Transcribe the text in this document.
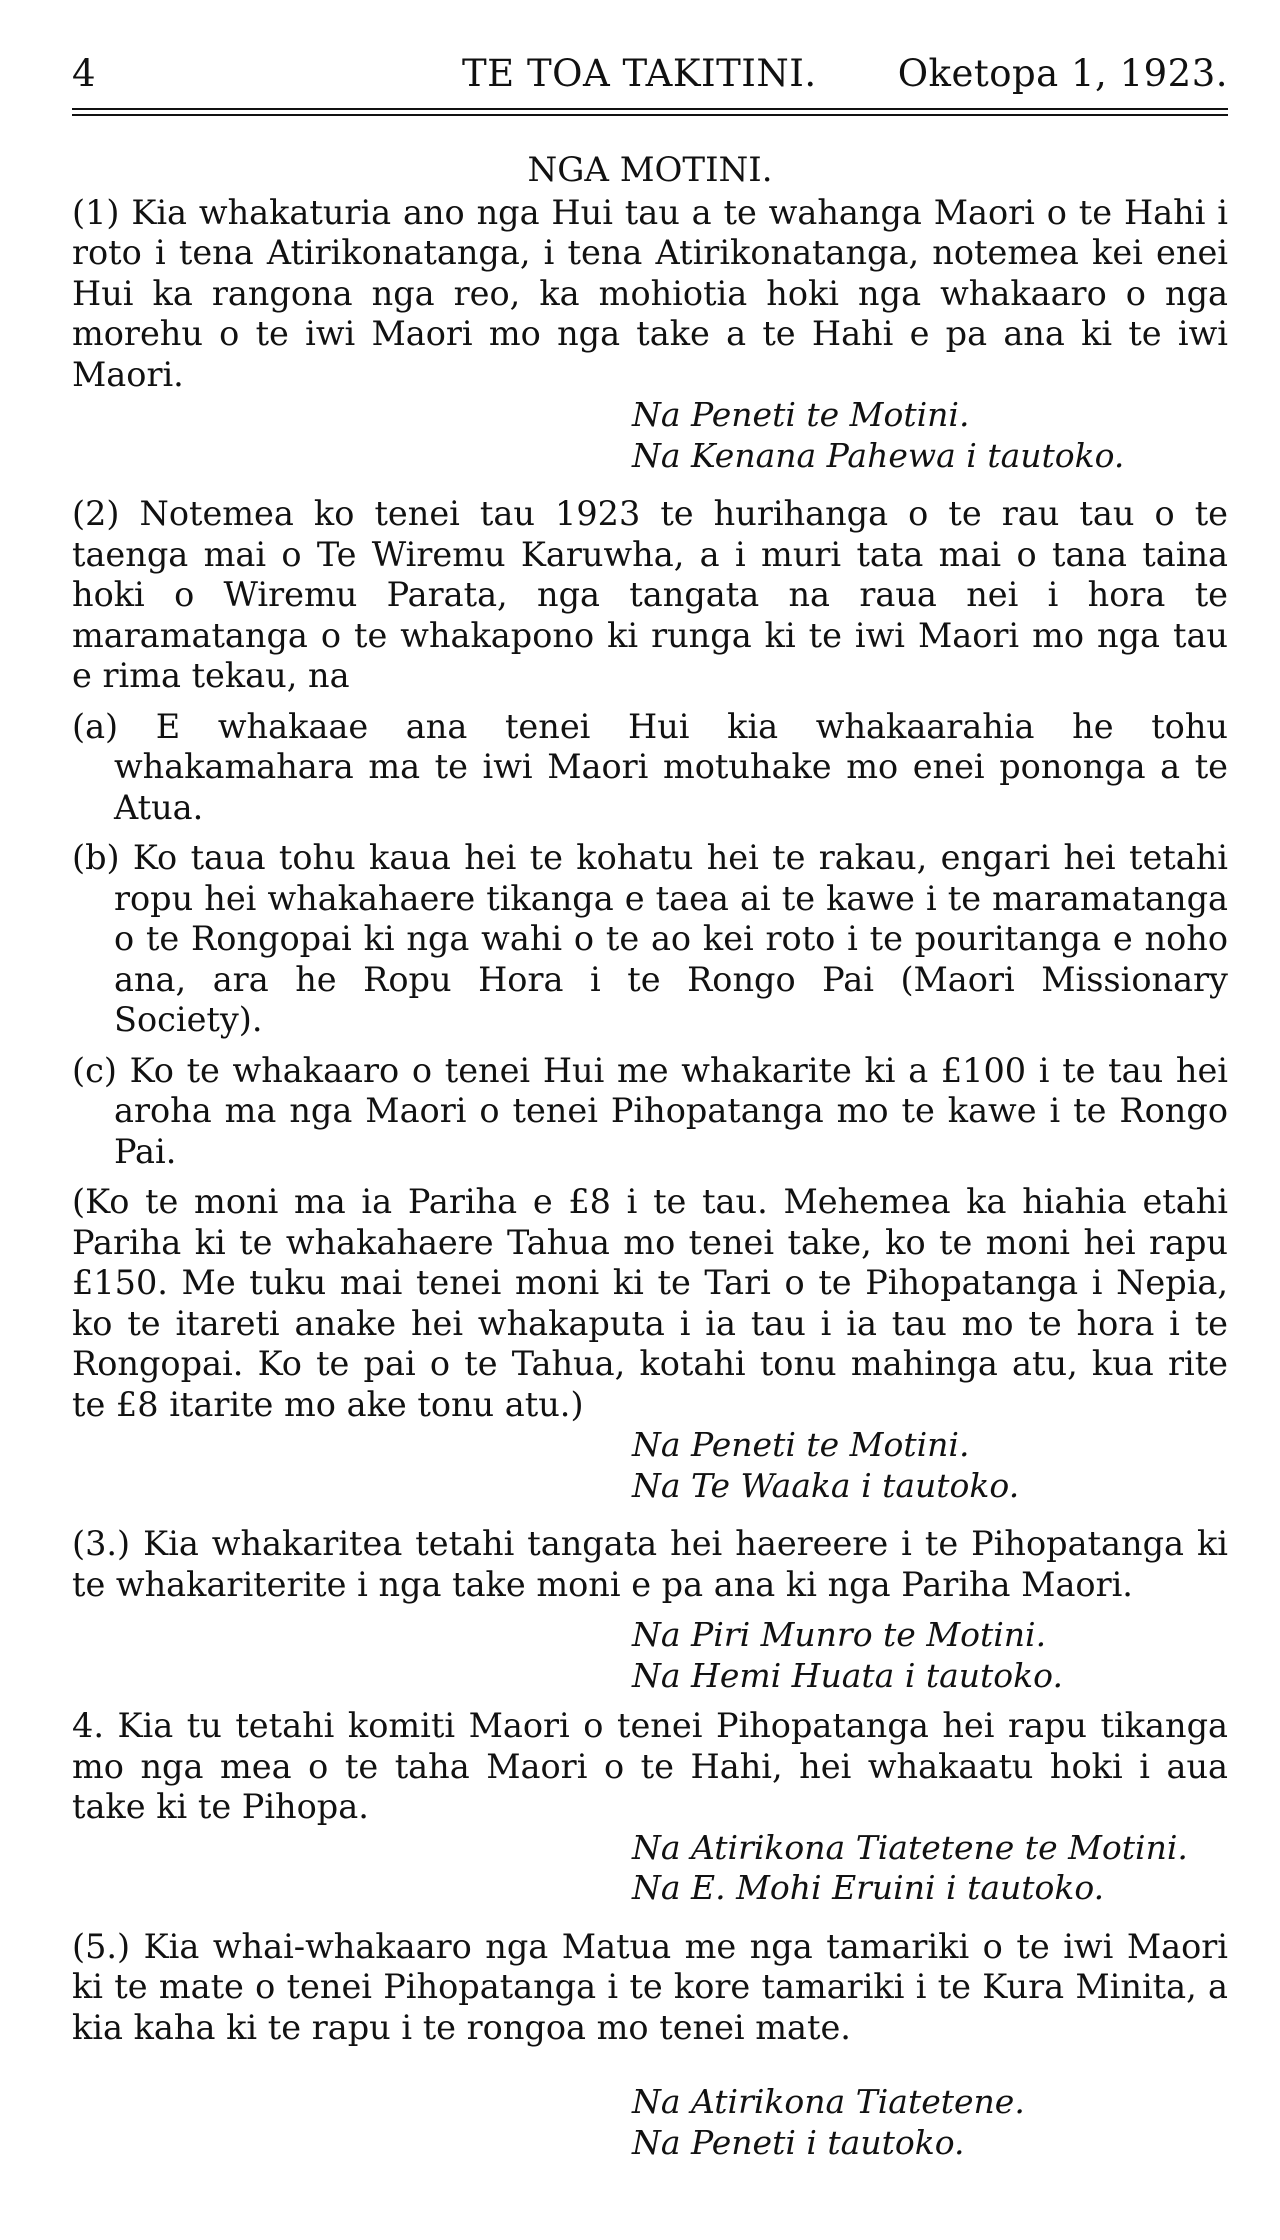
4	TE TOA TAKITINI. Oketopa 1, 1923.
NGA MOTINI.

(1) Kia whakaturia ano nga Hui tau a te wahanga Maori o te Hahi i roto i tena Atirikonatanga, i tena Atirikonatanga, notemea kei enei Hui ka rangona nga reo, ka mohiotia hoki nga whakaaro o nga morehu o te iwi Maori mo nga take a te Hahi e pa ana ki te iwi Maori.

Na Peneti te Motini.
Na Kenana Pahewa i tautoko.

(2) Notemea ko tenei tau 1923 te hurihanga o te rau tau o te taenga mai o Te Wiremu Karuwha, a i muri tata mai o tana taina hoki o Wiremu Parata, nga tangata na raua nei i hora te maramatanga o te whakapono ki runga ki te iwi Maori mo nga tau e rima tekau, na

(a) E whakaae ana tenei Hui kia whakaarahia he tohu whakamahara ma te iwi Maori motuhake mo enei pononga a te Atua.

(b) Ko taua tohu kaua hei te kohatu hei te rakau, engari hei tetahi ropu hei whakahaere tikanga e taea ai te kawe i te maramatanga o te Rongopai ki nga wahi o te ao kei roto i te pouritanga e noho ana, ara he Ropu Hora i te Rongo Pai (Maori Missionary Society).

(c) Ko te whakaaro o tenei Hui me whakarite ki a £100 i te tau hei aroha ma nga Maori o tenei Pihopatanga mo te kawe i te Rongo Pai.

(Ko te moni ma ia Pariha e £8 i te tau. Mehemea ka hiahia etahi Pariha ki te whakahaere Tahua mo tenei take, ko te moni hei rapu £150. Me tuku mai tenei moni ki te Tari o te Pihopatanga i Nepia, ko te itareti anake hei whakaputa i ia tau i ia tau mo te hora i te Rongopai. Ko te pai o te Tahua, kotahi tonu mahinga atu, kua rite te £8 itarite mo ake tonu atu.)

Na Peneti te Motini.
Na Te Waaka i tautoko.

(3.) Kia whakaritea tetahi tangata hei haereere i te Pihopatanga ki te whakariterite i nga take moni e pa ana ki nga Pariha Maori.

Na Piri Munro te Motini.
Na Hemi Huata i tautoko.

4. Kia tu tetahi komiti Maori o tenei Pihopatanga hei rapu tikanga mo nga mea o te taha Maori o te Hahi, hei whakaatu hoki i aua take ki te Pihopa.

Na Atirikona Tiatetene te Motini.
Na E. Mohi Eruini i tautoko.

(5.) Kia whai-whakaaro nga Matua me nga tamariki o te iwi Maori ki te mate o tenei Pihopatanga i te kore tamariki i te Kura Minita, a kia kaha ki te rapu i te rongoa mo tenei mate.

Na Atirikona Tiatetene.
Na Peneti i tautoko.
